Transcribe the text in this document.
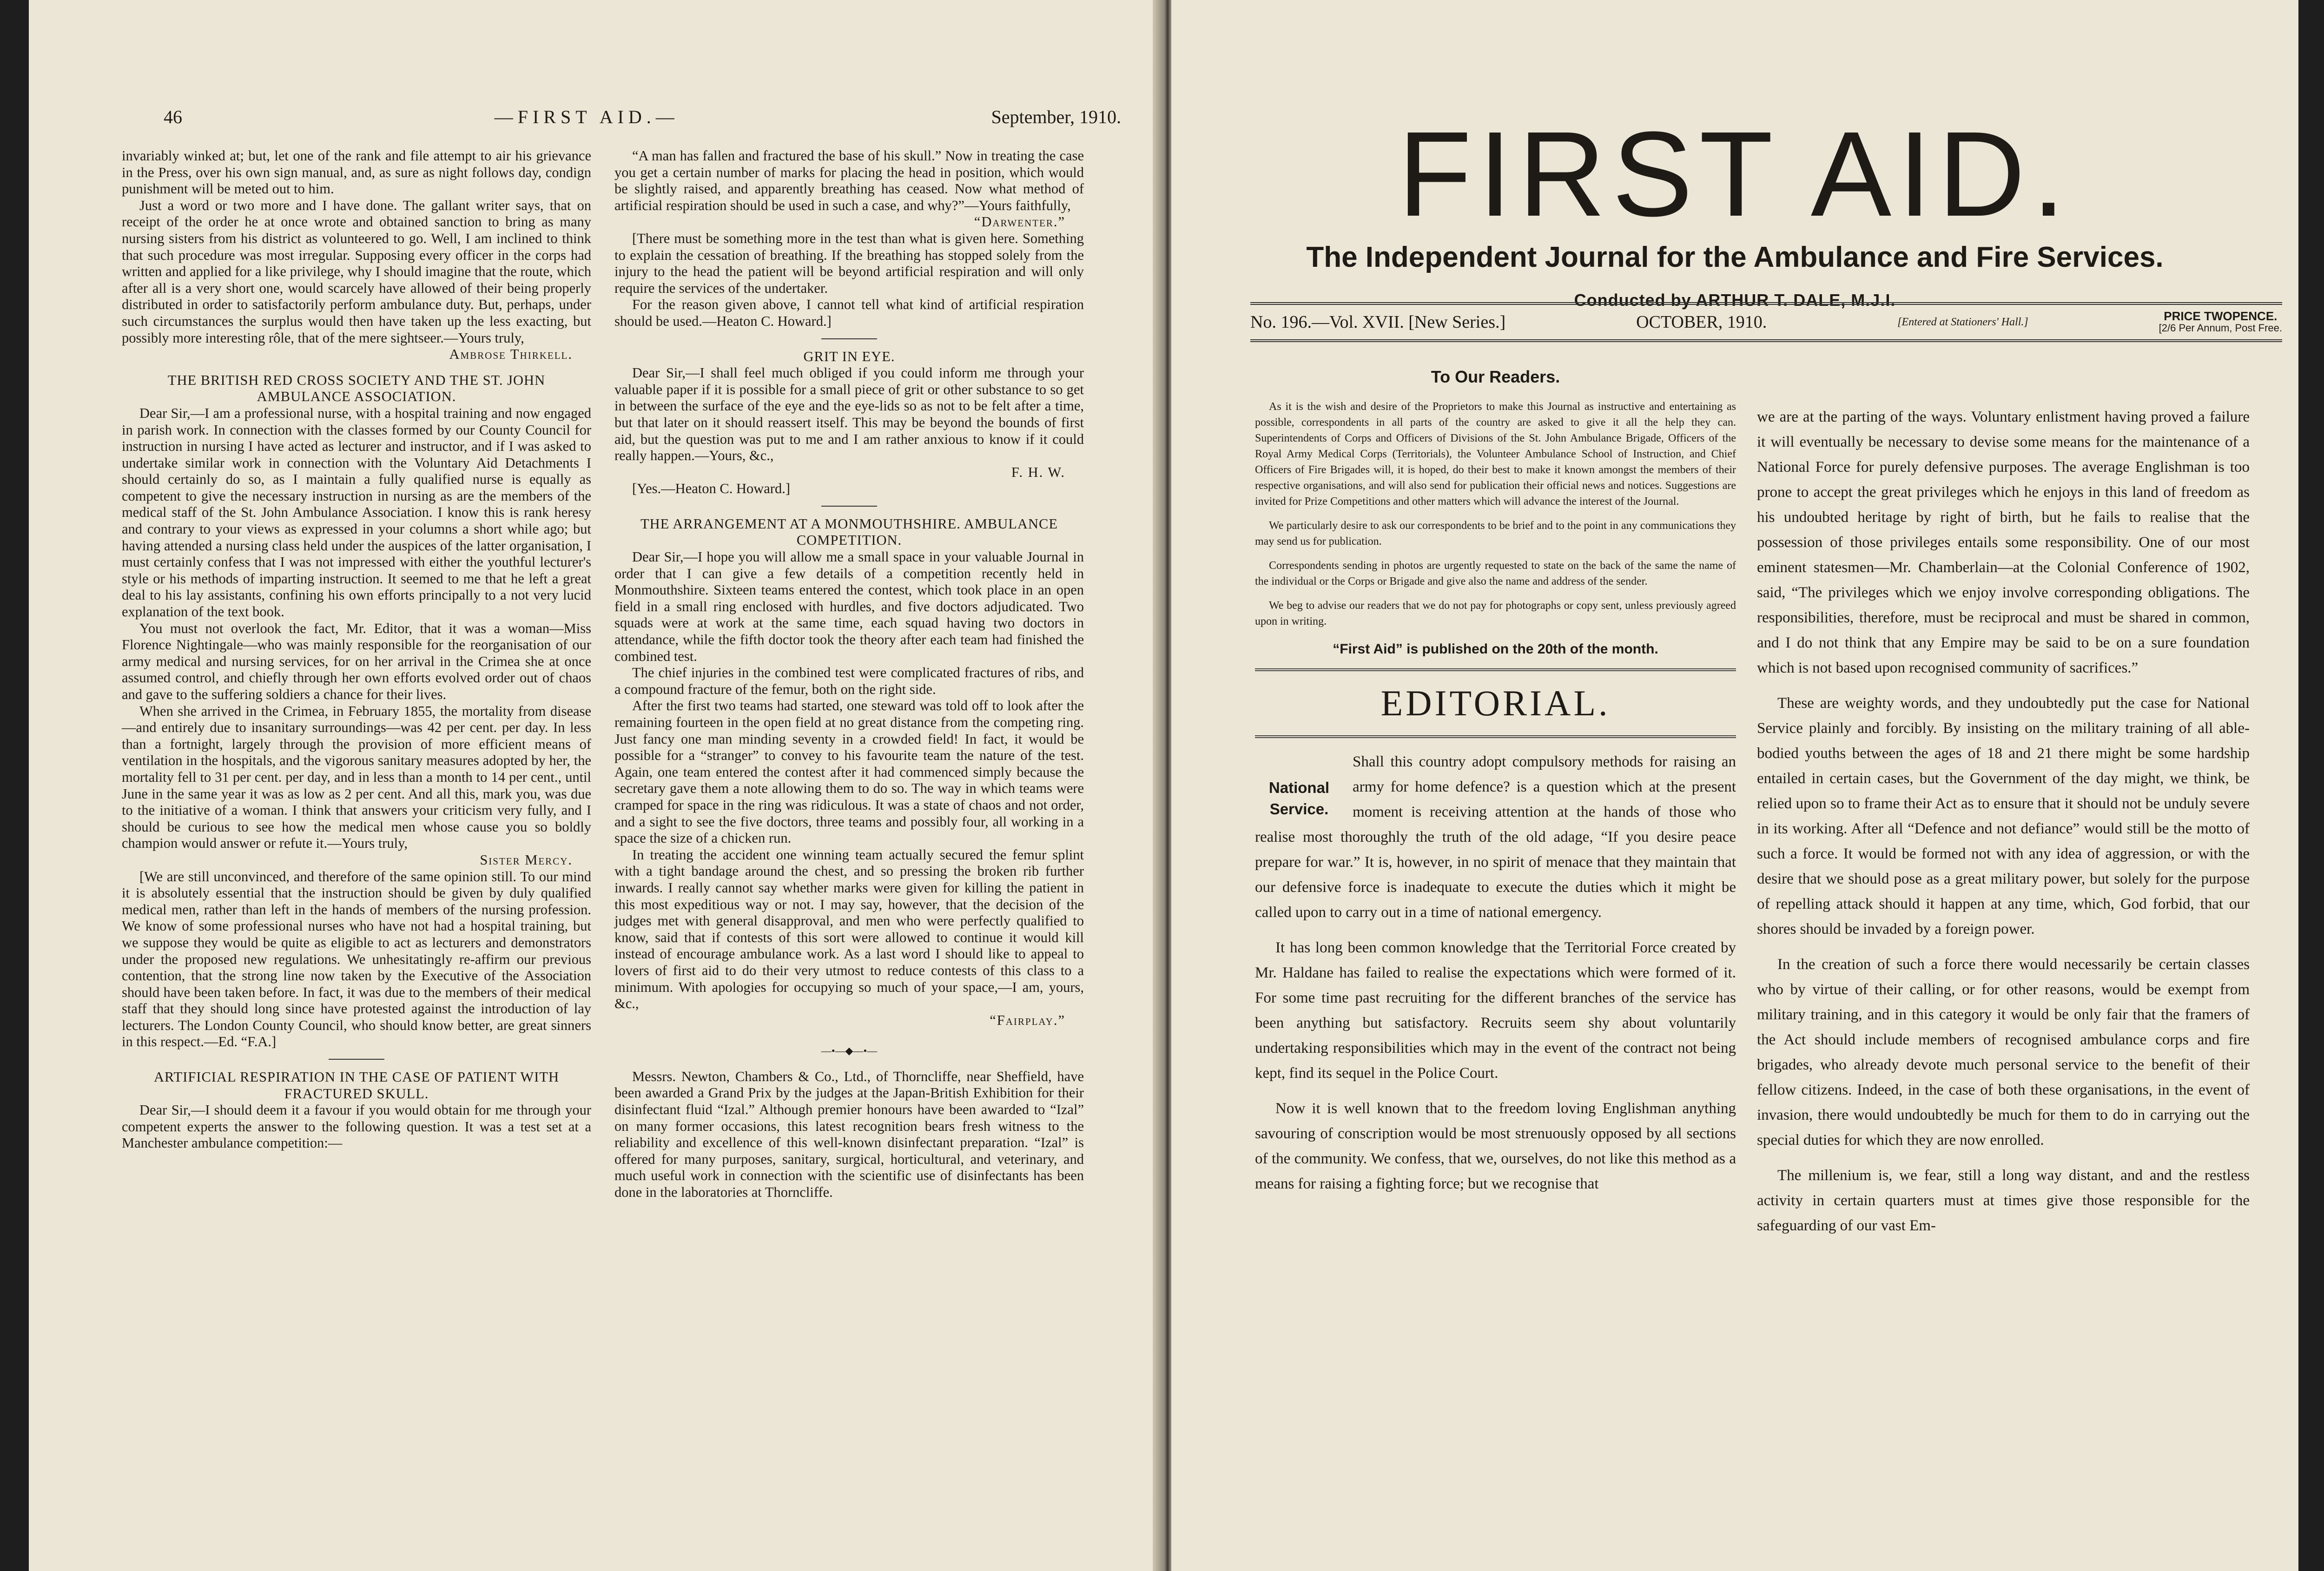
46	—FIRST AID.—	September, 1910.

invariably winked at; but, let one of the rank and file attempt to air his grievance in the Press, over his own sign manual, and, as sure as night follows day, condign punishment will be meted out to him.

Just a word or two more and I have done. The gallant writer says, that on receipt of the order he at once wrote and obtained sanction to bring as many nursing sisters from his district as volunteered to go. Well, I am inclined to think that such procedure was most irregular. Supposing every officer in the corps had written and applied for a like privilege, why I should imagine that the route, which after all is a very short one, would scarcely have allowed of their being properly distributed in order to satisfactorily perform ambulance duty. But, perhaps, under such circumstances the surplus would then have taken up the less exacting, but possibly more interesting rôle, that of the mere sightseer.—Yours truly,

Ambrose Thirkell.
THE BRITISH RED CROSS SOCIETY AND THE ST. JOHN AMBULANCE ASSOCIATION.

Dear Sir,—I am a professional nurse, with a hospital training and now engaged in parish work. In connection with the classes formed by our County Council for instruction in nursing I have acted as lecturer and instructor, and if I was asked to undertake similar work in connection with the Voluntary Aid Detachments I should certainly do so, as I maintain a fully qualified nurse is equally as competent to give the necessary instruction in nursing as are the members of the medical staff of the St. John Ambulance Association. I know this is rank heresy and contrary to your views as expressed in your columns a short while ago; but having attended a nursing class held under the auspices of the latter organisation, I must certainly confess that I was not impressed with either the youthful lecturer's style or his methods of imparting instruction. It seemed to me that he left a great deal to his lay assistants, confining his own efforts principally to a not very lucid explanation of the text book.

You must not overlook the fact, Mr. Editor, that it was a woman—Miss Florence Nightingale—who was mainly responsible for the reorganisation of our army medical and nursing services, for on her arrival in the Crimea she at once assumed control, and chiefly through her own efforts evolved order out of chaos and gave to the suffering soldiers a chance for their lives.

When she arrived in the Crimea, in February 1855, the mortality from disease—and entirely due to insanitary surroundings—was 42 per cent. per day. In less than a fortnight, largely through the provision of more efficient means of ventilation in the hospitals, and the vigorous sanitary measures adopted by her, the mortality fell to 31 per cent. per day, and in less than a month to 14 per cent., until June in the same year it was as low as 2 per cent. And all this, mark you, was due to the initiative of a woman. I think that answers your criticism very fully, and I should be curious to see how the medical men whose cause you so boldly champion would answer or refute it.—Yours truly,

Sister Mercy.

[We are still unconvinced, and therefore of the same opinion still. To our mind it is absolutely essential that the instruction should be given by duly qualified medical men, rather than left in the hands of members of the nursing profession. We know of some professional nurses who have not had a hospital training, but we suppose they would be quite as eligible to act as lecturers and demonstrators under the proposed new regulations. We unhesitatingly re-affirm our previous contention, that the strong line now taken by the Executive of the Association should have been taken before. In fact, it was due to the members of their medical staff that they should long since have protested against the introduction of lay lecturers. The London County Council, who should know better, are great sinners in this respect.—Ed. “F.A.]

ARTIFICIAL RESPIRATION IN THE CASE OF PATIENT WITH FRACTURED SKULL.

Dear Sir,—I should deem it a favour if you would obtain for me through your competent experts the answer to the following question. It was a test set at a Manchester ambulance competition:—

“A man has fallen and fractured the base of his skull.” Now in treating the case you get a certain number of marks for placing the head in position, which would be slightly raised, and apparently breathing has ceased. Now what method of artificial respiration should be used in such a case, and why?”—Yours faithfully,

“Darwenter.”

[There must be something more in the test than what is given here. Something to explain the cessation of breathing. If the breathing has stopped solely from the injury to the head the patient will be beyond artificial respiration and will only require the services of the undertaker.

For the reason given above, I cannot tell what kind of artificial respiration should be used.—Heaton C. Howard.]

GRIT IN EYE.

Dear Sir,—I shall feel much obliged if you could inform me through your valuable paper if it is possible for a small piece of grit or other substance to so get in between the surface of the eye and the eye-lids so as not to be felt after a time, but that later on it should reassert itself. This may be beyond the bounds of first aid, but the question was put to me and I am rather anxious to know if it could really happen.—Yours, &c.,

F. H. W.

[Yes.—Heaton C. Howard.]

THE ARRANGEMENT AT A MONMOUTHSHIRE. AMBULANCE COMPETITION.

Dear Sir,—I hope you will allow me a small space in your valuable Journal in order that I can give a few details of a competition recently held in Monmouthshire. Sixteen teams entered the contest, which took place in an open field in a small ring enclosed with hurdles, and five doctors adjudicated. Two squads were at work at the same time, each squad having two doctors in attendance, while the fifth doctor took the theory after each team had finished the combined test.

The chief injuries in the combined test were complicated fractures of ribs, and a compound fracture of the femur, both on the right side.

After the first two teams had started, one steward was told off to look after the remaining fourteen in the open field at no great distance from the competing ring. Just fancy one man minding seventy in a crowded field! In fact, it would be possible for a “stranger” to convey to his favourite team the nature of the test. Again, one team entered the contest after it had commenced simply because the secretary gave them a note allowing them to do so. The way in which teams were cramped for space in the ring was ridiculous. It was a state of chaos and not order, and a sight to see the five doctors, three teams and possibly four, all working in a space the size of a chicken run.

In treating the accident one winning team actually secured the femur splint with a tight bandage around the chest, and so pressing the broken rib further inwards. I really cannot say whether marks were given for killing the patient in this most expeditious way or not. I may say, however, that the decision of the judges met with general disapproval, and men who were perfectly qualified to know, said that if contests of this sort were allowed to continue it would kill instead of encourage ambulance work. As a last word I should like to appeal to lovers of first aid to do their very utmost to reduce contests of this class to a minimum. With apologies for occupying so much of your space,—I am, yours, &c.,

“Fairplay.”
—•—◆—•—

Messrs. Newton, Chambers & Co., Ltd., of Thorncliffe, near Sheffield, have been awarded a Grand Prix by the judges at the Japan-British Exhibition for their disinfectant fluid “Izal.” Although premier honours have been awarded to “Izal” on many former occasions, this latest recognition bears fresh witness to the reliability and excellence of this well-known disinfectant preparation. “Izal” is offered for many purposes, sanitary, surgical, horticultural, and veterinary, and much useful work in connection with the scientific use of disinfectants has been done in the laboratories at Thorncliffe.

FIRST AID.
The Independent Journal for the Ambulance and Fire Services.
Conducted by ARTHUR T. DALE, M.J.I.
No. 196.—Vol. XVII. [New Series.]	OCTOBER, 1910.	[Entered at Stationers' Hall.]	PRICE TWOPENCE.
[2/6 Per Annum, Post Free.
To Our Readers.

As it is the wish and desire of the Proprietors to make this Journal as instructive and entertaining as possible, correspondents in all parts of the country are asked to give it all the help they can. Superintendents of Corps and Officers of Divisions of the St. John Ambulance Brigade, Officers of the Royal Army Medical Corps (Territorials), the Volunteer Ambulance School of Instruction, and Chief Officers of Fire Brigades will, it is hoped, do their best to make it known amongst the members of their respective organisations, and will also send for publication their official news and notices. Suggestions are invited for Prize Competitions and other matters which will advance the interest of the Journal.

We particularly desire to ask our correspondents to be brief and to the point in any communications they may send us for publication.

Correspondents sending in photos are urgently requested to state on the back of the same the name of the individual or the Corps or Brigade and give also the name and address of the sender.

We beg to advise our readers that we do not pay for photographs or copy sent, unless previously agreed upon in writing.

“First Aid” is published on the 20th of the month.
EDITORIAL.
National Service.

Shall this country adopt compulsory methods for raising an army for home defence? is a question which at the present moment is receiving attention at the hands of those who realise most thoroughly the truth of the old adage, “If you desire peace prepare for war.” It is, however, in no spirit of menace that they maintain that our defensive force is inadequate to execute the duties which it might be called upon to carry out in a time of national emergency.

It has long been common knowledge that the Territorial Force created by Mr. Haldane has failed to realise the expectations which were formed of it. For some time past recruiting for the different branches of the service has been anything but satisfactory. Recruits seem shy about voluntarily undertaking responsibilities which may in the event of the contract not being kept, find its sequel in the Police Court.

Now it is well known that to the freedom loving Englishman anything savouring of conscription would be most strenuously opposed by all sections of the community. We confess, that we, ourselves, do not like this method as a means for raising a fighting force; but we recognise that

we are at the parting of the ways. Voluntary enlistment having proved a failure it will eventually be necessary to devise some means for the maintenance of a National Force for purely defensive purposes. The average Englishman is too prone to accept the great privileges which he enjoys in this land of freedom as his undoubted heritage by right of birth, but he fails to realise that the possession of those privileges entails some responsibility. One of our most eminent statesmen—Mr. Chamberlain—at the Colonial Conference of 1902, said, “The privileges which we enjoy involve corresponding obligations. The responsibilities, therefore, must be reciprocal and must be shared in common, and I do not think that any Empire may be said to be on a sure foundation which is not based upon recognised community of sacrifices.”

These are weighty words, and they undoubtedly put the case for National Service plainly and forcibly. By insisting on the military training of all able-bodied youths between the ages of 18 and 21 there might be some hardship entailed in certain cases, but the Government of the day might, we think, be relied upon so to frame their Act as to ensure that it should not be unduly severe in its working. After all “Defence and not defiance” would still be the motto of such a force. It would be formed not with any idea of aggression, or with the desire that we should pose as a great military power, but solely for the purpose of repelling attack should it happen at any time, which, God forbid, that our shores should be invaded by a foreign power.

In the creation of such a force there would necessarily be certain classes who by virtue of their calling, or for other reasons, would be exempt from military training, and in this category it would be only fair that the framers of the Act should include members of recognised ambulance corps and fire brigades, who already devote much personal service to the benefit of their fellow citizens. Indeed, in the case of both these organisations, in the event of invasion, there would undoubtedly be much for them to do in carrying out the special duties for which they are now enrolled.

The millenium is, we fear, still a long way distant, and and the restless activity in certain quarters must at times give those responsible for the safeguarding of our vast Em-
